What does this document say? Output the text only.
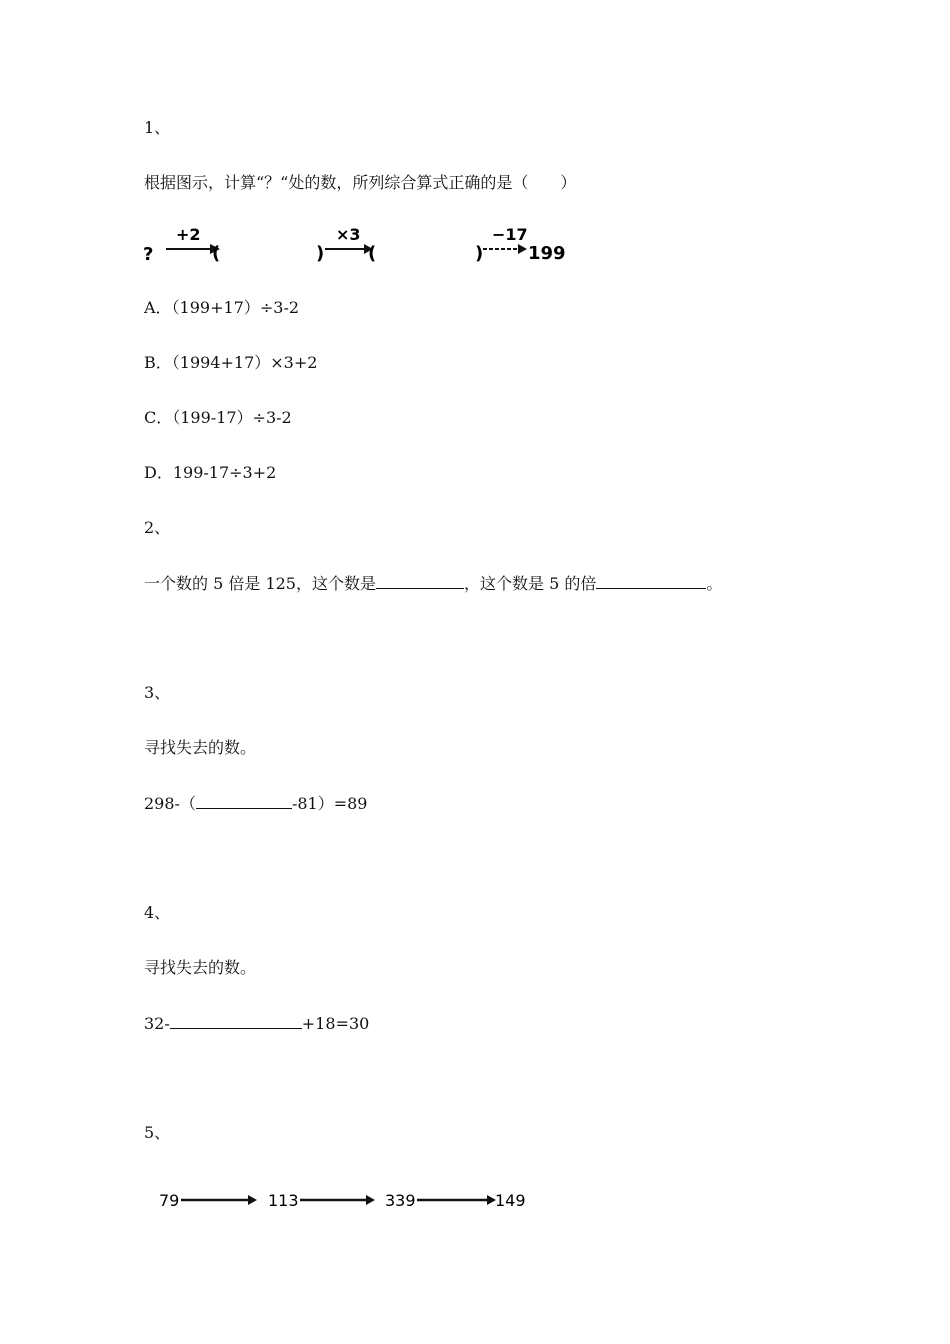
1、
根据图示，计算“？“处的数，所列综合算式正确的是（　　）
?
+2
(	)
×3
(	)
−17
199
A．（199+17）÷3-2
B．（1994+17）×3+2
C．（199-17）÷3-2
D．199-17÷3+2
2、
一个数的 5 倍是 125，这个数是	，这个数是 5 的倍	。
3、
寻找失去的数。
298-（	-81）=89
4、
寻找失去的数。
32-	+18=30
5、
79	113	339	149
